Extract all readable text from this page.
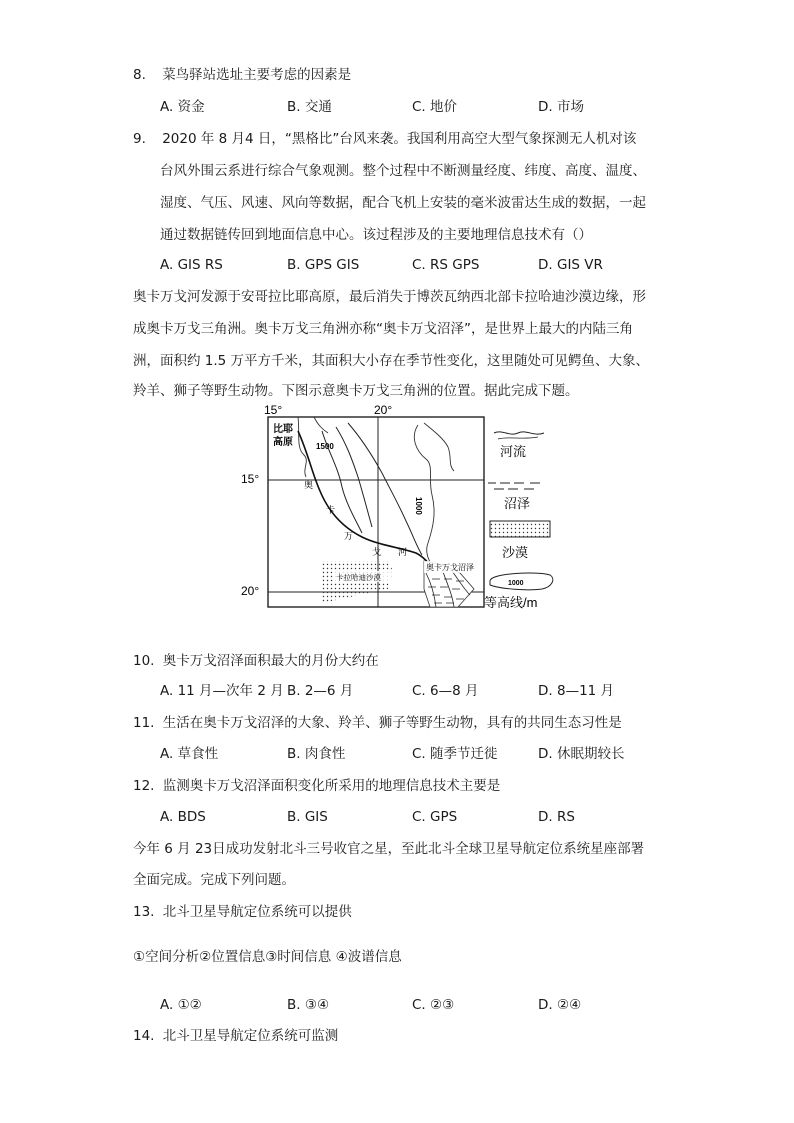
8. 菜鸟驿站选址主要考虑的因素是
A. 资金	B. 交通	C. 地价	D. 市场
9. 2020 年 8 月4 日，“黑格比”台风来袭。我国利用高空大型气象探测无人机对该
台风外围云系进行综合气象观测。整个过程中不断测量经度、纬度、高度、温度、
湿度、气压、风速、风向等数据，配合飞机上安装的毫米波雷达生成的数据，一起
通过数据链传回到地面信息中心。该过程涉及的主要地理信息技术有（）
A. GIS RS	B. GPS GIS	C. RS GPS	D. GIS VR
奥卡万戈河发源于安哥拉比耶高原，最后消失于博茨瓦纳西北部卡拉哈迪沙漠边缘，形
成奥卡万戈三角洲。奥卡万戈三角洲亦称“奥卡万戈沼泽”，是世界上最大的内陆三角
洲，面积约 1.5 万平方千米，其面积大小存在季节性变化，这里随处可见鳄鱼、大象、
羚羊、狮子等野生动物。下图示意奥卡万戈三角洲的位置。据此完成下题。
15°	20°
15°
20°
比耶
高原	1500
1000
奥
卡
万
戈 河
卡拉哈迪沙漠
奥卡万戈沼泽
河流
沼泽
沙漠
1000
等高线/m
10. 奥卡万戈沼泽面积最大的月份大约在
A. 11 月—次年 2 月 B. 2—6 月	C. 6—8 月	D. 8—11 月
11. 生活在奥卡万戈沼泽的大象、羚羊、狮子等野生动物，具有的共同生态习性是
A. 草食性	B. 肉食性	C. 随季节迁徙	D. 休眠期较长
12. 监测奥卡万戈沼泽面积变化所采用的地理信息技术主要是
A. BDS	B. GIS	C. GPS	D. RS
今年 6 月 23日成功发射北斗三号收官之星，至此北斗全球卫星导航定位系统星座部署
全面完成。完成下列问题。
13. 北斗卫星导航定位系统可以提供
①空间分析②位置信息③时间信息 ④波谱信息
A. ①②	B. ③④	C. ②③	D. ②④
14. 北斗卫星导航定位系统可监测
